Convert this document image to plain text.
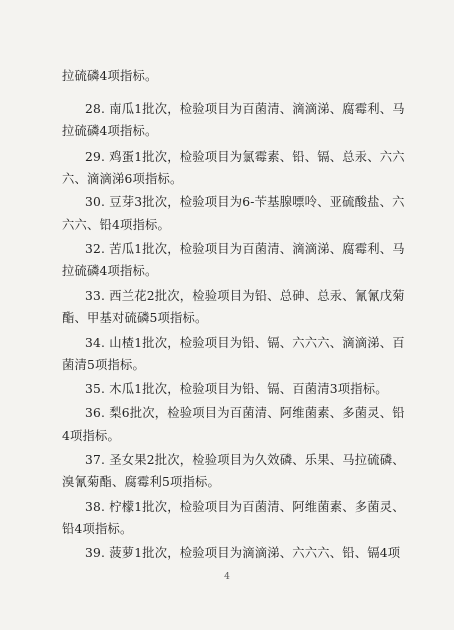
拉硫磷4项指标。
28. 南瓜1批次，检验项目为百菌清、滴滴涕、腐霉利、马
拉硫磷4项指标。
29. 鸡蛋1批次，检验项目为氯霉素、铅、镉、总汞、六六
六、滴滴涕6项指标。
30. 豆芽3批次，检验项目为6-苄基腺嘌呤、亚硫酸盐、六
六六、铅4项指标。
32. 苦瓜1批次，检验项目为百菌清、滴滴涕、腐霉利、马
拉硫磷4项指标。
33. 西兰花2批次，检验项目为铅、总砷、总汞、氰氰戊菊
酯、甲基对硫磷5项指标。
34. 山楂1批次，检验项目为铅、镉、六六六、滴滴涕、百
菌清5项指标。
35. 木瓜1批次，检验项目为铅、镉、百菌清3项指标。
36. 梨6批次，检验项目为百菌清、阿维菌素、多菌灵、铅
4项指标。
37. 圣女果2批次，检验项目为久效磷、乐果、马拉硫磷、
溴氰菊酯、腐霉利5项指标。
38. 柠檬1批次，检验项目为百菌清、阿维菌素、多菌灵、
铅4项指标。
39. 菠萝1批次，检验项目为滴滴涕、六六六、铅、镉4项
4
